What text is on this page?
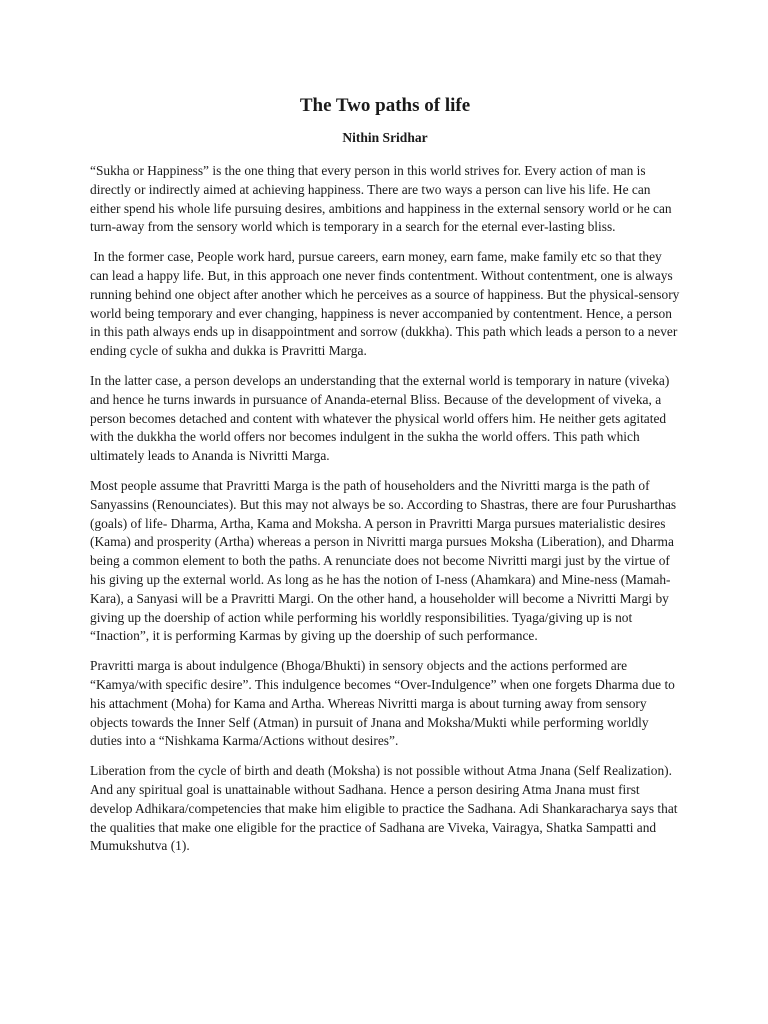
The Two paths of life
Nithin Sridhar

“Sukha or Happiness” is the one thing that every person in this world strives for. Every action of man is directly or indirectly aimed at achieving happiness. There are two ways a person can live his life. He can either spend his whole life pursuing desires, ambitions and happiness in the external sensory world or he can turn-away from the sensory world which is temporary in a search for the eternal ever-lasting bliss.

In the former case, People work hard, pursue careers, earn money, earn fame, make family etc so that they can lead a happy life. But, in this approach one never finds contentment. Without contentment, one is always running behind one object after another which he perceives as a source of happiness. But the physical-sensory world being temporary and ever changing, happiness is never accompanied by contentment. Hence, a person in this path always ends up in disappointment and sorrow (dukkha). This path which leads a person to a never ending cycle of sukha and dukka is Pravritti Marga.

In the latter case, a person develops an understanding that the external world is temporary in nature (viveka) and hence he turns inwards in pursuance of Ananda-eternal Bliss. Because of the development of viveka, a person becomes detached and content with whatever the physical world offers him. He neither gets agitated with the dukkha the world offers nor becomes indulgent in the sukha the world offers. This path which ultimately leads to Ananda is Nivritti Marga.

Most people assume that Pravritti Marga is the path of householders and the Nivritti marga is the path of Sanyassins (Renounciates). But this may not always be so. According to Shastras, there are four Purusharthas (goals) of life- Dharma, Artha, Kama and Moksha. A person in Pravritti Marga pursues materialistic desires (Kama) and prosperity (Artha) whereas a person in Nivritti marga pursues Moksha (Liberation), and Dharma being a common element to both the paths. A renunciate does not become Nivritti margi just by the virtue of his giving up the external world. As long as he has the notion of I-ness (Ahamkara) and Mine-ness (Mamah-Kara), a Sanyasi will be a Pravritti Margi. On the other hand, a householder will become a Nivritti Margi by giving up the doership of action while performing his worldly responsibilities. Tyaga/giving up is not “Inaction”, it is performing Karmas by giving up the doership of such performance.

Pravritti marga is about indulgence (Bhoga/Bhukti) in sensory objects and the actions performed are “Kamya/with specific desire”. This indulgence becomes “Over-Indulgence” when one forgets Dharma due to his attachment (Moha) for Kama and Artha. Whereas Nivritti marga is about turning away from sensory objects towards the Inner Self (Atman) in pursuit of Jnana and Moksha/Mukti while performing worldly duties into a “Nishkama Karma/Actions without desires”.

Liberation from the cycle of birth and death (Moksha) is not possible without Atma Jnana (Self Realization). And any spiritual goal is unattainable without Sadhana. Hence a person desiring Atma Jnana must first develop Adhikara/competencies that make him eligible to practice the Sadhana. Adi Shankaracharya says that the qualities that make one eligible for the practice of Sadhana are Viveka, Vairagya, Shatka Sampatti and Mumukshutva (1).
